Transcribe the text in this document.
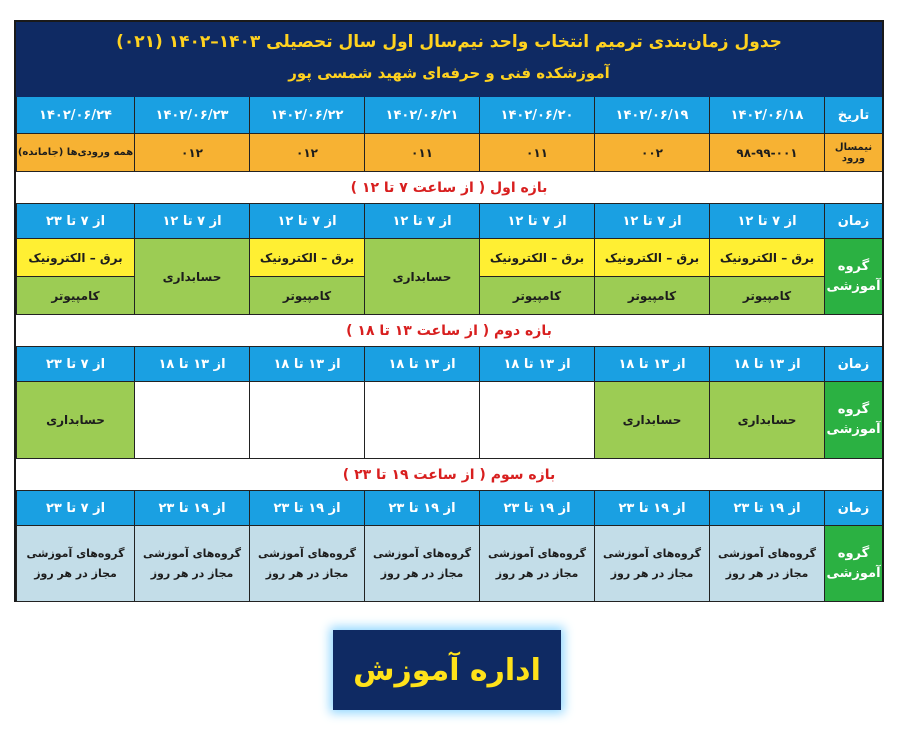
جدول زمان‌بندی ترمیم انتخاب واحد نیم‌سال اول سال تحصیلی ۱۴۰۳–۱۴۰۲ (۰۲۱)
آموزشکده فنی و حرفه‌ای شهید شمسی پور
تاریخ
نیمسال ورود
زمان
گروه آموزشی
زمان
گروه آموزشی
زمان
گروه آموزشی
بازه اول ( از ساعت ۷ تا ۱۲ )
بازه دوم ( از ساعت ۱۳ تا ۱۸ )
بازه سوم ( از ساعت ۱۹ تا ۲۳ )
۱۴۰۲/۰۶/۱۸
۹۸-۹۹-۰۰۱
از ۷ تا ۱۲
برق – الکترونیک
کامپیوتر
از ۱۳ تا ۱۸
حسابداری
از ۱۹ تا ۲۳
گروه‌های آموزشی
مجاز در هر روز
۱۴۰۲/۰۶/۱۹
۰۰۲
از ۷ تا ۱۲
برق – الکترونیک
کامپیوتر
از ۱۳ تا ۱۸
حسابداری
از ۱۹ تا ۲۳
گروه‌های آموزشی
مجاز در هر روز
۱۴۰۲/۰۶/۲۰
۰۱۱
از ۷ تا ۱۲
برق – الکترونیک
کامپیوتر
از ۱۳ تا ۱۸
از ۱۹ تا ۲۳
گروه‌های آموزشی
مجاز در هر روز
۱۴۰۲/۰۶/۲۱
۰۱۱
از ۷ تا ۱۲
حسابداری
از ۱۳ تا ۱۸
از ۱۹ تا ۲۳
گروه‌های آموزشی
مجاز در هر روز
۱۴۰۲/۰۶/۲۲
۰۱۲
از ۷ تا ۱۲
برق – الکترونیک
کامپیوتر
از ۱۳ تا ۱۸
از ۱۹ تا ۲۳
گروه‌های آموزشی
مجاز در هر روز
۱۴۰۲/۰۶/۲۳
۰۱۲
از ۷ تا ۱۲
حسابداری
از ۱۳ تا ۱۸
از ۱۹ تا ۲۳
گروه‌های آموزشی
مجاز در هر روز
۱۴۰۲/۰۶/۲۴
همه ورودی‌ها (جامانده)
از ۷ تا ۲۳
برق – الکترونیک
کامپیوتر
از ۷ تا ۲۳
حسابداری
از ۷ تا ۲۳
گروه‌های آموزشی
مجاز در هر روز
اداره آموزش
